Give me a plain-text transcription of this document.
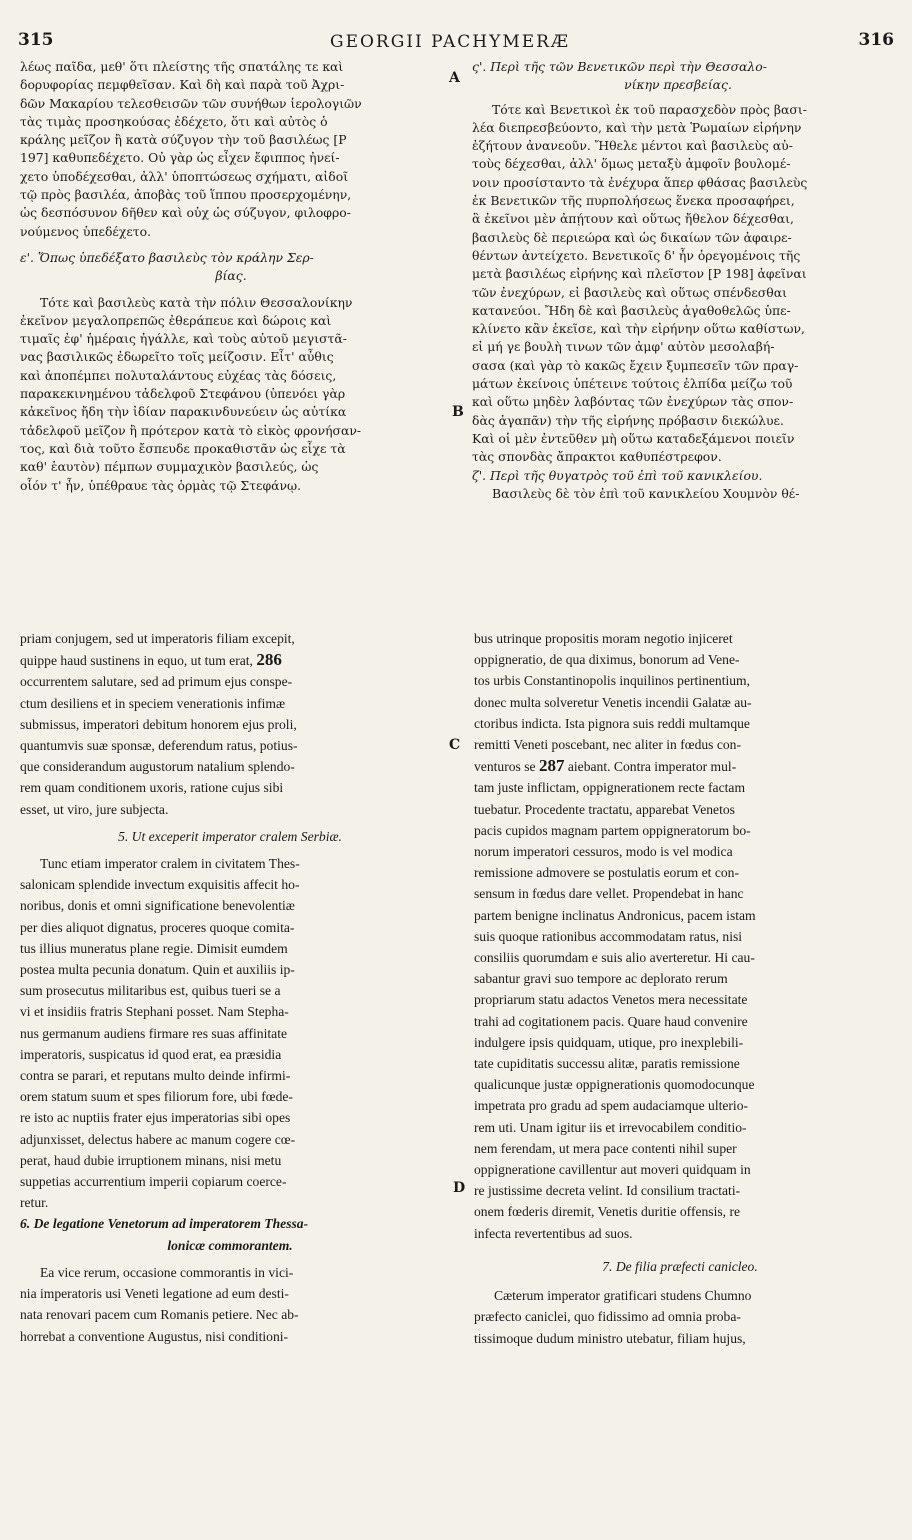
315	GEORGII PACHYMERÆ	316
λέως παῖδα, μεθ' ὅτι πλείστης τῆς σπατάλης τε καὶ
δορυφορίας πεμφθεῖσαν. Καὶ δὴ καὶ παρὰ τοῦ Ἀχρι-
δῶν Μακαρίου τελεσθεισῶν τῶν συνήθων ἱερολογιῶν
τὰς τιμὰς προσηκούσας ἐδέχετο, ὅτι καὶ αὐτὸς ὁ
κράλης μεῖζον ἢ κατὰ σύζυγον τὴν τοῦ βασιλέως [Ρ
197] καθυπεδέχετο. Οὐ γὰρ ὡς εἶχεν ἔφιππος ἠνεί-
χετο ὑποδέχεσθαι, ἀλλ' ὑποπτώσεως σχήματι, αἰδοῖ
τῷ πρὸς βασιλέα, ἀποβὰς τοῦ ἵππου προσερχομένην,
ὡς δεσπόσυνον δῆθεν καὶ οὐχ ὡς σύζυγον, φιλοφρο-
νούμενος ὑπεδέχετο.
ε'. Ὅπως ὑπεδέξατο βασιλεὺς τὸν κράλην Σερ-
βίας.
Τότε καὶ βασιλεὺς κατὰ τὴν πόλιν Θεσσαλονίκην
ἐκεῖνον μεγαλοπρεπῶς ἐθεράπευε καὶ δώροις καὶ
τιμαῖς ἐφ' ἡμέραις ἠγάλλε, καὶ τοὺς αὐτοῦ μεγιστᾶ-
νας βασιλικῶς ἐδωρεῖτο τοῖς μείζοσιν. Εἶτ' αὖθις
καὶ ἀποπέμπει πολυταλάντους εὐχέας τὰς δόσεις,
παρακεκινημένου τἀδελφοῦ Στεφάνου (ὑπενόει γὰρ
κἀκεῖνος ἤδη τὴν ἰδίαν παρακινδυνεύειν ὡς αὐτίκα
τἀδελφοῦ μεῖζον ἢ πρότερον κατὰ τὸ εἰκὸς φρονήσαν-
τος, καὶ διὰ τοῦτο ἔσπευδε προκαθιστᾶν ὡς εἶχε τὰ
καθ' ἑαυτὸν) πέμπων συμμαχικὸν βασιλεύς, ὡς
οἷόν τ' ἦν, ὑπέθραυε τὰς ὁρμὰς τῷ Στεφάνῳ.
ς'. Περὶ τῆς τῶν Βενετικῶν περὶ τὴν Θεσσαλο-
νίκην πρεσβείας.
Τότε καὶ Βενετικοὶ ἐκ τοῦ παρασχεδὸν πρὸς βασι-
λέα διεπρεσβεύοντο, καὶ τὴν μετὰ Ῥωμαίων εἰρήνην
ἐζήτουν ἀνανεοῦν. Ἤθελε μέντοι καὶ βασιλεὺς αὐ-
τοὺς δέχεσθαι, ἀλλ' ὅμως μεταξὺ ἀμφοῖν βουλομέ-
νοιν προσίσταντο τὰ ἐνέχυρα ἅπερ φθάσας βασιλεὺς
ἐκ Βενετικῶν τῆς πυρπολήσεως ἕνεκα προσαφήρει,
ἃ ἐκεῖνοι μὲν ἀπῄτουν καὶ οὕτως ἤθελον δέχεσθαι,
βασιλεὺς δὲ περιεώρα καὶ ὡς δικαίων τῶν ἀφαιρε-
θέντων ἀντείχετο. Βενετικοῖς δ' ἦν ὀρεγομένοις τῆς
μετὰ βασιλέως εἰρήνης καὶ πλεῖστον [Ρ 198] ἀφεῖναι
τῶν ἐνεχύρων, εἰ βασιλεὺς καὶ οὕτως σπένδεσθαι
κατανεύοι. Ἤδη δὲ καὶ βασιλεὺς ἀγαθοθελῶς ὑπε-
κλίνετο κἂν ἐκεῖσε, καὶ τὴν εἰρήνην οὕτω καθίστων,
εἰ μή γε βουλὴ τινων τῶν ἀμφ' αὐτὸν μεσολαβή-
σασα (καὶ γὰρ τὸ κακῶς ἔχειν ξυμπεσεῖν τῶν πραγ-
μάτων ἐκείνοις ὑπέτεινε τούτοις ἐλπίδα μείζω τοῦ
καὶ οὕτω μηδὲν λαβόντας τῶν ἐνεχύρων τὰς σπον-
δὰς ἀγαπᾶν) τὴν τῆς εἰρήνης πρόβασιν διεκώλυε.
Καὶ οἱ μὲν ἐντεῦθεν μὴ οὕτω καταδεξάμενοι ποιεῖν
τὰς σπονδὰς ἄπρακτοι καθυπέστρεφον.
ζ'. Περὶ τῆς θυγατρὸς τοῦ ἐπὶ τοῦ κανικλείου.
Βασιλεὺς δὲ τὸν ἐπὶ τοῦ κανικλείου Χουμνὸν θέ-
priam conjugem, sed ut imperatoris filiam excepit,
quippe haud sustinens in equo, ut tum erat, 286
occurrentem salutare, sed ad primum ejus conspe-
ctum desiliens et in speciem venerationis infimæ
submissus, imperatori debitum honorem ejus proli,
quantumvis suæ sponsæ, deferendum ratus, potius-
que considerandum augustorum natalium splendo-
rem quam conditionem uxoris, ratione cujus sibi
esset, ut viro, jure subjecta.
5. Ut exceperit imperator cralem Serbiæ.
Tunc etiam imperator cralem in civitatem Thes-
salonicam splendide invectum exquisitis affecit ho-
noribus, donis et omni significatione benevolentiæ
per dies aliquot dignatus, proceres quoque comita-
tus illius muneratus plane regie. Dimisit eumdem
postea multa pecunia donatum. Quin et auxiliis ip-
sum prosecutus militaribus est, quibus tueri se a
vi et insidiis fratris Stephani posset. Nam Stepha-
nus germanum audiens firmare res suas affinitate
imperatoris, suspicatus id quod erat, ea præsidia
contra se parari, et reputans multo deinde infirmi-
orem statum suum et spes filiorum fore, ubi fœde-
re isto ac nuptiis frater ejus imperatorias sibi opes
adjunxisset, delectus habere ac manum cogere cœ-
perat, haud dubie irruptionem minans, nisi metu
suppetias accurrentium imperii copiarum coerce-
retur.
6. De legatione Venetorum ad imperatorem Thessa-
lonicæ commorantem.
Ea vice rerum, occasione commorantis in vici-
nia imperatoris usi Veneti legatione ad eum desti-
nata renovari pacem cum Romanis petiere. Nec ab-
horrebat a conventione Augustus, nisi conditioni-
bus utrinque propositis moram negotio injiceret
oppigneratio, de qua diximus, bonorum ad Vene-
tos urbis Constantinopolis inquilinos pertinentium,
donec multa solveretur Venetis incendii Galatæ au-
ctoribus indicta. Ista pignora suis reddi multamque
remitti Veneti poscebant, nec aliter in fœdus con-
venturos se 287 aiebant. Contra imperator mul-
tam juste inflictam, oppignerationem recte factam
tuebatur. Procedente tractatu, apparebat Venetos
pacis cupidos magnam partem oppigneratorum bo-
norum imperatori cessuros, modo is vel modica
remissione admovere se postulatis eorum et con-
sensum in fœdus dare vellet. Propendebat in hanc
partem benigne inclinatus Andronicus, pacem istam
suis quoque rationibus accommodatam ratus, nisi
consiliis quorumdam e suis alio averteretur. Hi cau-
sabantur gravi suo tempore ac deplorato rerum
propriarum statu adactos Venetos mera necessitate
trahi ad cogitationem pacis. Quare haud convenire
indulgere ipsis quidquam, utique, pro inexplebili-
tate cupiditatis successu alitæ, paratis remissione
qualicunque justæ oppignerationis quomodocunque
impetrata pro gradu ad spem audaciamque ulterio-
rem uti. Unam igitur iis et irrevocabilem conditio-
nem ferendam, ut mera pace contenti nihil super
oppigneratione cavillentur aut moveri quidquam in
re justissime decreta velint. Id consilium tractati-
onem fœderis diremit, Venetis duritie offensis, re
infecta revertentibus ad suos.
7. De filia præfecti canicleo.
Cæterum imperator gratificari studens Chumno
præfecto caniclei, quo fidissimo ad omnia proba-
tissimoque dudum ministro utebatur, filiam hujus,
A
B
C
D
